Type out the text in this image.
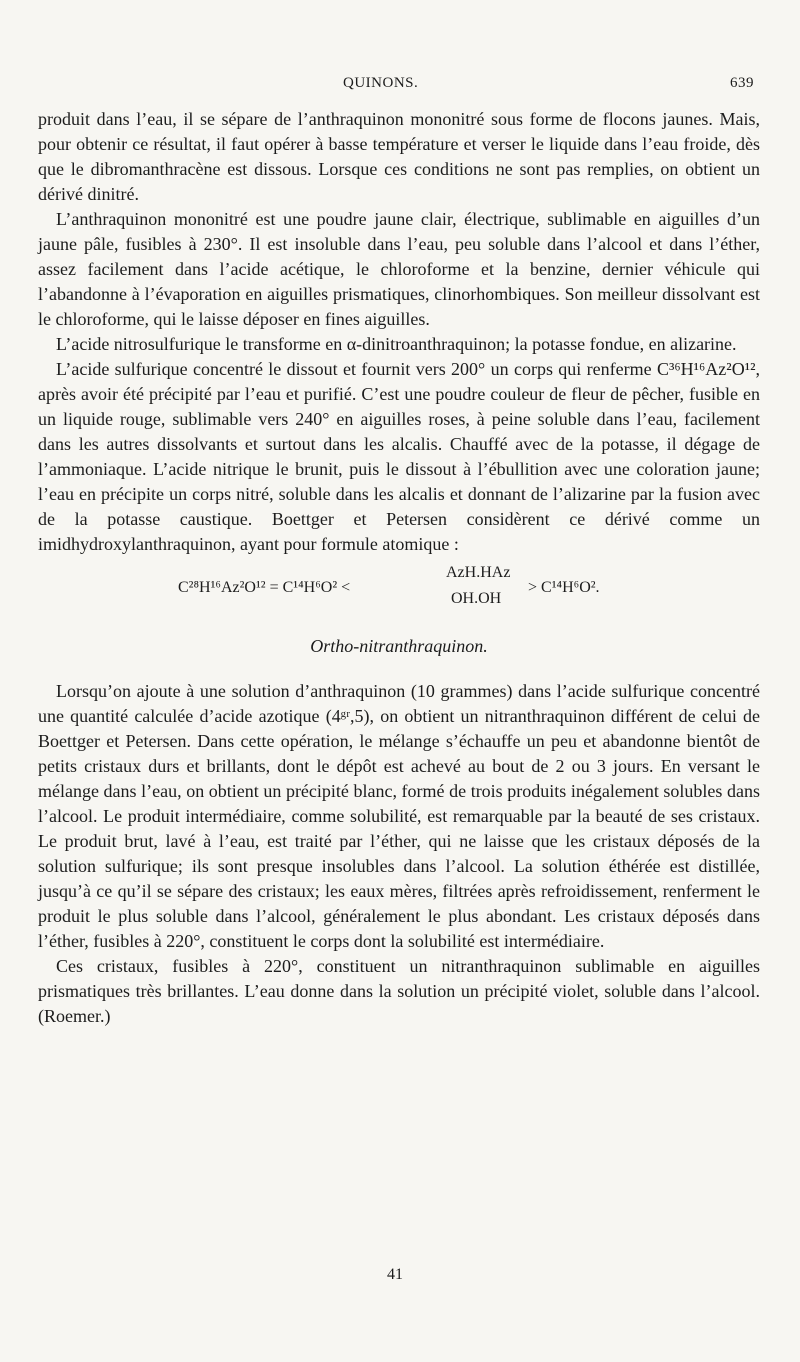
QUINONS.	639

produit dans l’eau, il se sépare de l’anthraquinon mononitré sous forme de flocons jaunes. Mais, pour obtenir ce résultat, il faut opérer à basse température et verser le liquide dans l’eau froide, dès que le dibromanthracène est dissous. Lorsque ces conditions ne sont pas remplies, on obtient un dérivé dinitré.

L’anthraquinon mononitré est une poudre jaune clair, électrique, sublimable en aiguilles d’un jaune pâle, fusibles à 230°. Il est insoluble dans l’eau, peu soluble dans l’alcool et dans l’éther, assez facilement dans l’acide acétique, le chloroforme et la benzine, dernier véhicule qui l’abandonne à l’évaporation en aiguilles prismatiques, clinorhombiques. Son meilleur dissolvant est le chloroforme, qui le laisse déposer en fines aiguilles.

L’acide nitrosulfurique le transforme en α-dinitroanthraquinon; la potasse fondue, en alizarine.

L’acide sulfurique concentré le dissout et fournit vers 200° un corps qui renferme C³⁶H¹⁶Az²O¹², après avoir été précipité par l’eau et purifié. C’est une poudre couleur de fleur de pêcher, fusible en un liquide rouge, sublimable vers 240° en aiguilles roses, à peine soluble dans l’eau, facilement dans les autres dissolvants et surtout dans les alcalis. Chauffé avec de la potasse, il dégage de l’ammoniaque. L’acide nitrique le brunit, puis le dissout à l’ébullition avec une coloration jaune; l’eau en précipite un corps nitré, soluble dans les alcalis et donnant de l’alizarine par la fusion avec de la potasse caustique. Boettger et Petersen considèrent ce dérivé comme un imidhydroxylanthraquinon, ayant pour formule atomique :

C²⁸H¹⁶Az²O¹² = C¹⁴H⁶O² <
AzH.HAz
OH.OH
> C¹⁴H⁶O².
Ortho-nitranthraquinon.

Lorsqu’on ajoute à une solution d’anthraquinon (10 grammes) dans l’acide sulfurique concentré une quantité calculée d’acide azotique (4ᵍʳ,5), on obtient un nitranthraquinon différent de celui de Boettger et Petersen. Dans cette opération, le mélange s’échauffe un peu et abandonne bientôt de petits cristaux durs et brillants, dont le dépôt est achevé au bout de 2 ou 3 jours. En versant le mélange dans l’eau, on obtient un précipité blanc, formé de trois produits inégalement solubles dans l’alcool. Le produit intermédiaire, comme solubilité, est remarquable par la beauté de ses cristaux. Le produit brut, lavé à l’eau, est traité par l’éther, qui ne laisse que les cristaux déposés de la solution sulfurique; ils sont presque insolubles dans l’alcool. La solution éthérée est distillée, jusqu’à ce qu’il se sépare des cristaux; les eaux mères, filtrées après refroidissement, renferment le produit le plus soluble dans l’alcool, généralement le plus abondant. Les cristaux déposés dans l’éther, fusibles à 220°, constituent le corps dont la solubilité est intermédiaire.

Ces cristaux, fusibles à 220°, constituent un nitranthraquinon sublimable en aiguilles prismatiques très brillantes. L’eau donne dans la solution un précipité violet, soluble dans l’alcool. (Roemer.)

41
